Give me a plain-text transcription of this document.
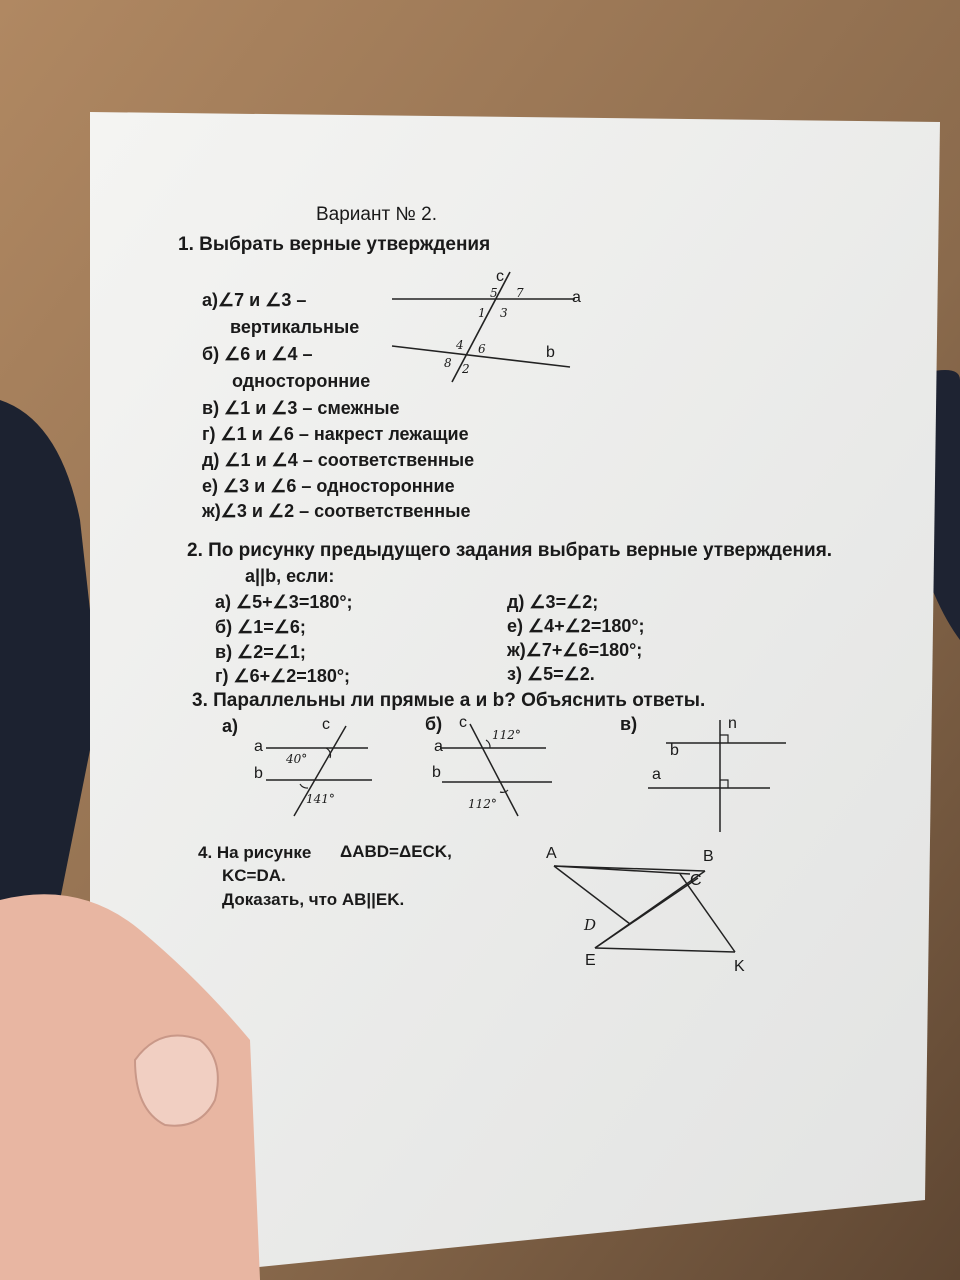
Вариант № 2.
1. Выбрать верные утверждения
а)∠7 и ∠3 –
вертикальные
б) ∠6 и ∠4 –
односторонние
в) ∠1 и ∠3 – смежные
г) ∠1 и ∠6 – накрест лежащие
д) ∠1 и ∠4 – соответственные
е) ∠3 и ∠6 – односторонние
ж)∠3 и ∠2 – соответственные
a
b
c
5 7
1 3
4 6
8 2
2. По рисунку предыдущего задания выбрать верные утверждения.
a||b, если:
а) ∠5+∠3=180°;
б) ∠1=∠6;
в) ∠2=∠1;
г) ∠6+∠2=180°;
д) ∠3=∠2;
е) ∠4+∠2=180°;
ж)∠7+∠6=180°;
з) ∠5=∠2.
3. Параллельны ли прямые a и b? Объяснить ответы.
а)	c
a
b
40°
141°
б) c
a
b
112°
112°
в)	n
b
a
4. На рисунке ΔABD=ΔECK,
KC=DA.
Доказать, что AB||EK.
A	B
C
D
E	K
